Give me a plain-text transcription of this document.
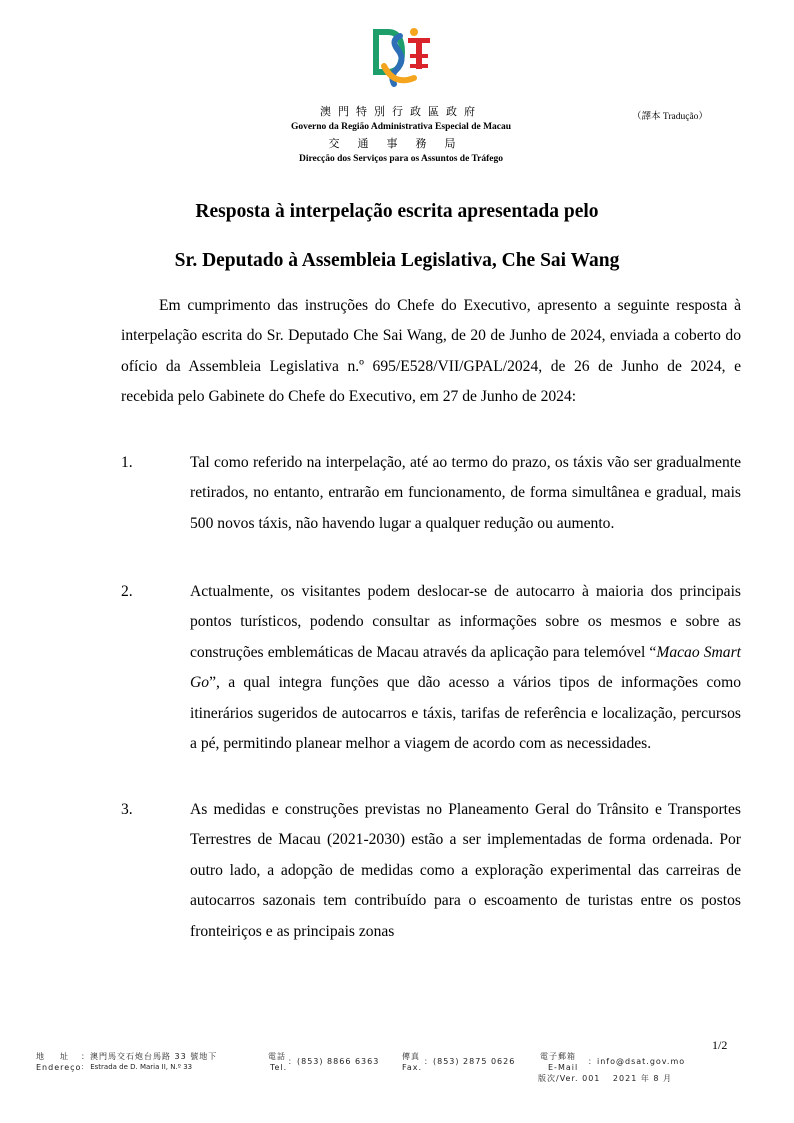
澳門特別行政區政府
Governo da Região Administrativa Especial de Macau
交通事務局
Direcção dos Serviços para os Assuntos de Tráfego
（譯本 Tradução）
Resposta à interpelação escrita apresentada pelo
Sr. Deputado à Assembleia Legislativa, Che Sai Wang

Em cumprimento das instruções do Chefe do Executivo, apresento a seguinte resposta à interpelação escrita do Sr. Deputado Che Sai Wang, de 20 de Junho de 2024, enviada a coberto do ofício da Assembleia Legislativa n.º 695/E528/VII/GPAL/2024, de 26 de Junho de 2024, e recebida pelo Gabinete do Chefe do Executivo, em 27 de Junho de 2024:

1.	Tal como referido na interpelação, até ao termo do prazo, os táxis vão ser gradualmente retirados, no entanto, entrarão em funcionamento, de forma simultânea e gradual, mais 500 novos táxis, não havendo lugar a qualquer redução ou aumento.

2.	Actualmente, os visitantes podem deslocar-se de autocarro à maioria dos principais pontos turísticos, podendo consultar as informações sobre os mesmos e sobre as construções emblemáticas de Macau através da aplicação para telemóvel “Macao Smart Go”, a qual integra funções que dão acesso a vários tipos de informações como itinerários sugeridos de autocarros e táxis, tarifas de referência e localização, percursos a pé, permitindo planear melhor a viagem de acordo com as necessidades.

3.	As medidas e construções previstas no Planeamento Geral do Trânsito e Transportes Terrestres de Macau (2021-2030) estão a ser implementadas de forma ordenada. Por outro lado, a adopção de medidas como a exploração experimental das carreiras de autocarros sazonais tem contribuído para o escoamento de turistas entre os postos fronteiriços e as principais zonas

1/2
地　　址
Endereço
：澳門馬交石炮台馬路 33 號地下
： Estrada de D. Maria II, N.º 33
電話
Tel.
：(853) 8866 6363
傳真
Fax.
：(853) 2875 0626
電子郵箱
E-Mail
：info@dsat.gov.mo
版次/Ver. 001　 2021 年 8 月
